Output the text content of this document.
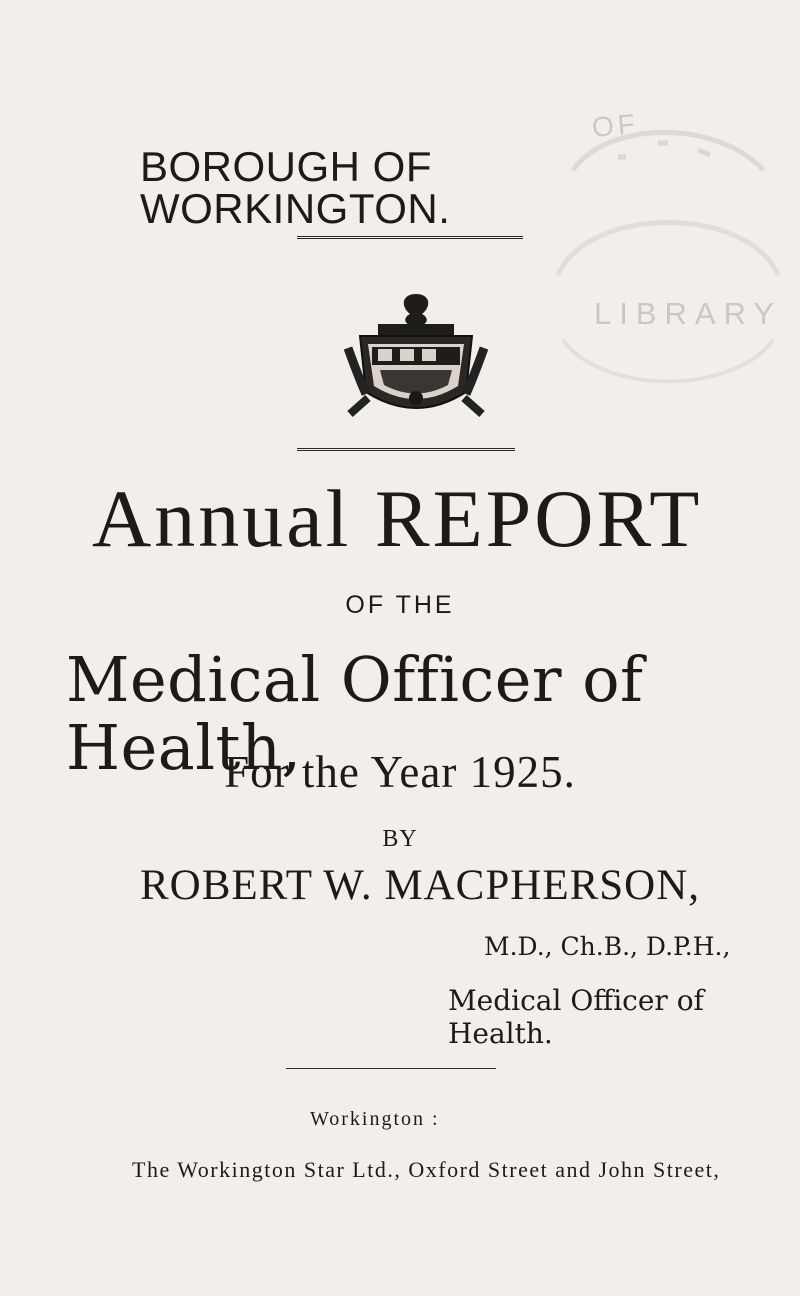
OF
LIBRARY
BOROUGH OF WORKINGTON.
Annual REPORT
OF THE
Medical Officer of Health,
For the Year 1925.
BY
ROBERT W. MACPHERSON,
M.D., Ch.B., D.P.H.,
Medical Officer of Health.
Workington :
The Workington Star Ltd., Oxford Street and John Street,
